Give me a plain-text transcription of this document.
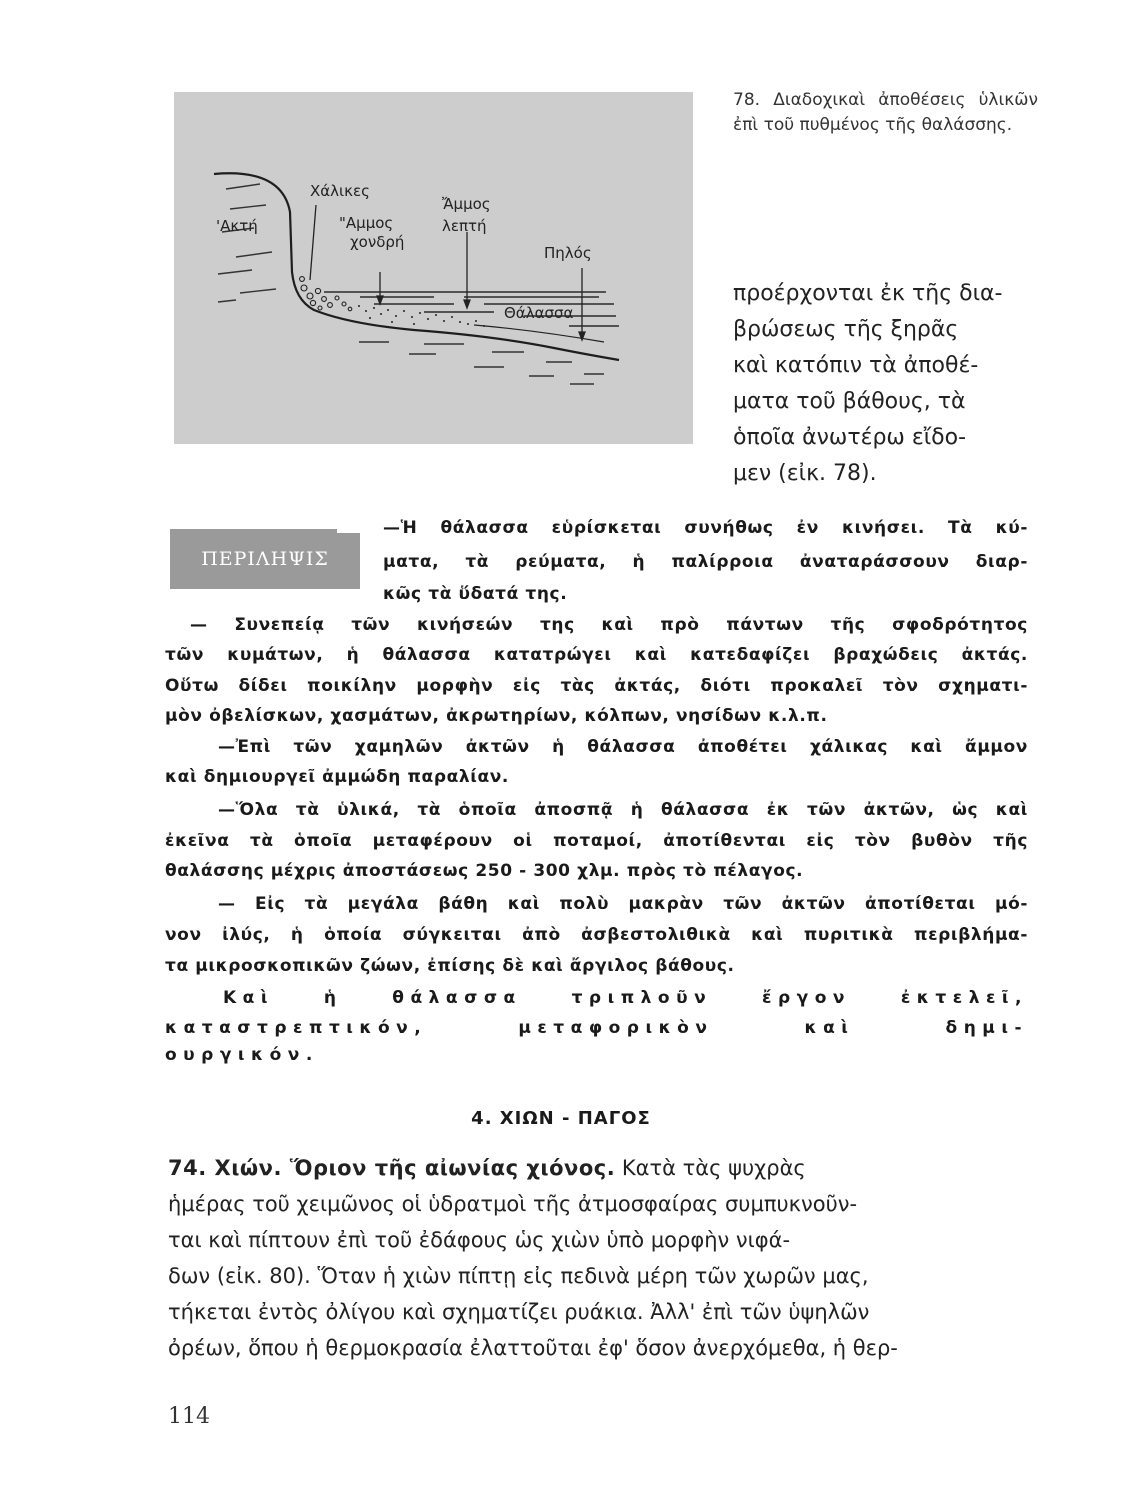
'Ακτή
Χάλικες
"Αμμος
χονδρή
Ἄμμος
λεπτή
Πηλός
Θάλασσα
78. Διαδοχικαὶ ἀποθέσεις ὑλικῶν ἐπὶ τοῦ πυθμένος τῆς θαλάσσης.

προέρχονται ἐκ τῆς δια-
βρώσεως τῆς ξηρᾶς
καὶ κατόπιν τὰ ἀποθέ-
ματα τοῦ βάθους, τὰ
ὁποῖα ἀνωτέρω εἴδο-
μεν (εἰκ. 78).

ΠΕΡΙΛΗΨΙΣ
—Ἡ θάλασσα εὑρίσκεται συνήθως ἐν κινήσει. Τὰ κύ-
ματα, τὰ ρεύματα, ἡ παλίρροια ἀναταράσσουν διαρ-
κῶς τὰ ὕδατά της.
— Συνεπείᾳ τῶν κινήσεών της καὶ πρὸ πάντων τῆς σφοδρότητος
τῶν κυμάτων, ἡ θάλασσα κατατρώγει καὶ κατεδαφίζει βραχώδεις ἀκτάς.
Οὕτω δίδει ποικίλην μορφὴν εἰς τὰς ἀκτάς, διότι προκαλεῖ τὸν σχηματι-
μὸν ὀβελίσκων, χασμάτων, ἀκρωτηρίων, κόλπων, νησίδων κ.λ.π.
—Ἐπὶ τῶν χαμηλῶν ἀκτῶν ἡ θάλασσα ἀποθέτει χάλικας καὶ ἄμμον
καὶ δημιουργεῖ ἀμμώδη παραλίαν.
—Ὅλα τὰ ὑλικά, τὰ ὁποῖα ἀποσπᾷ ἡ θάλασσα ἐκ τῶν ἀκτῶν, ὡς καὶ
ἐκεῖνα τὰ ὁποῖα μεταφέρουν οἱ ποταμοί, ἀποτίθενται εἰς τὸν βυθὸν τῆς
θαλάσσης μέχρις ἀποστάσεως 250 - 300 χλμ. πρὸς τὸ πέλαγος.
— Εἰς τὰ μεγάλα βάθη καὶ πολὺ μακρὰν τῶν ἀκτῶν ἀποτίθεται μό-
νον ἰλύς, ἡ ὁποία σύγκειται ἀπὸ ἀσβεστολιθικὰ καὶ πυριτικὰ περιβλήμα-
τα μικροσκοπικῶν ζώων, ἐπίσης δὲ καὶ ἄργιλος βάθους.
Καὶ ἡ θάλασσα τριπλοῦν ἔργον ἐκτελεῖ,
καταστρεπτικόν, μεταφορικὸν καὶ δημι-
ουργικόν.
4. ΧΙΩΝ - ΠΑΓΟΣ
74. Χιών. Ὅριον τῆς αἰωνίας χιόνος. Κατὰ τὰς ψυχρὰς
ἡμέρας τοῦ χειμῶνος οἱ ὑδρατμοὶ τῆς ἀτμοσφαίρας συμπυκνοῦν-
ται καὶ πίπτουν ἐπὶ τοῦ ἐδάφους ὡς χιὼν ὑπὸ μορφὴν νιφά-
δων (εἰκ. 80). Ὅταν ἡ χιὼν πίπτῃ εἰς πεδινὰ μέρη τῶν χωρῶν μας,
τήκεται ἐντὸς ὀλίγου καὶ σχηματίζει ρυάκια. Ἀλλ' ἐπὶ τῶν ὑψηλῶν
ὀρέων, ὅπου ἡ θερμοκρασία ἐλαττοῦται ἐφ' ὅσον ἀνερχόμεθα, ἡ θερ-
114
